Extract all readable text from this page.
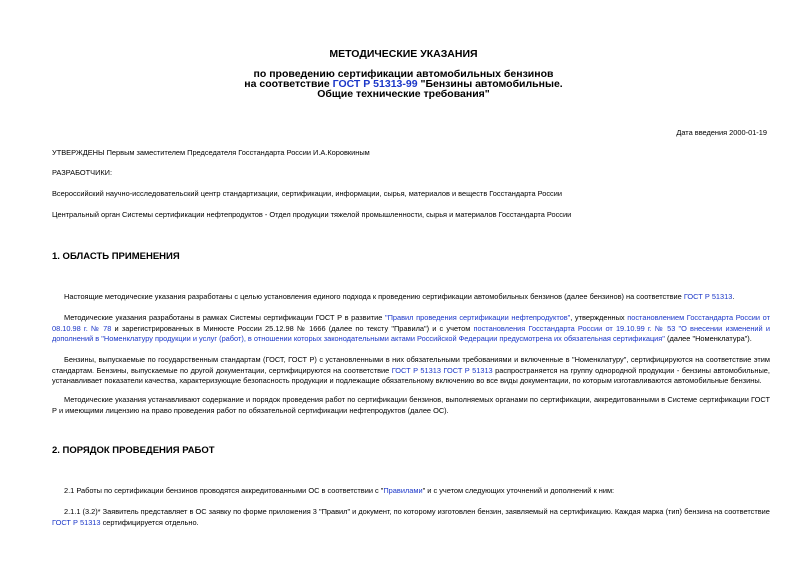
МЕТОДИЧЕСКИЕ УКАЗАНИЯ
по проведению сертификации автомобильных бензинов
на соответствие ГОСТ Р 51313-99 "Бензины автомобильные.
Общие технические требования"
Дата введения 2000-01-19
УТВЕРЖДЕНЫ Первым заместителем Председателя Госстандарта России И.А.Коровкиным
РАЗРАБОТЧИКИ:
Всероссийский научно-исследовательский центр стандартизации, сертификации, информации, сырья, материалов и веществ Госстандарта России
Центральный орган Системы сертификации нефтепродуктов - Отдел продукции тяжелой промышленности, сырья и материалов Госстандарта России
1. ОБЛАСТЬ ПРИМЕНЕНИЯ
Настоящие методические указания разработаны с целью установления единого подхода к проведению сертификации автомобильных бензинов (далее бензинов) на соответствие ГОСТ Р 51313.
Методические указания разработаны в рамках Системы сертификации ГОСТ Р в развитие "Правил проведения сертификации нефтепродуктов", утвержденных постановлением Госстандарта России от 08.10.98 г. № 78 и зарегистрированных в Минюсте России 25.12.98 № 1666 (далее по тексту "Правила") и с учетом постановления Госстандарта России от 19.10.99 г. № 53 "О внесении изменений и дополнений в "Номенклатуру продукции и услуг (работ), в отношении которых законодательными актами Российской Федерации предусмотрена их обязательная сертификация" (далее "Номенклатура").
Бензины, выпускаемые по государственным стандартам (ГОСТ, ГОСТ Р) с установленными в них обязательными требованиями и включенные в "Номенклатуру", сертифицируются на соответствие этим стандартам. Бензины, выпускаемые по другой документации, сертифицируются на соответствие ГОСТ Р 51313 ГОСТ Р 51313 распространяется на группу однородной продукции - бензины автомобильные, устанавливает показатели качества, характеризующие безопасность продукции и подлежащие обязательному включению во все виды документации, по которым изготавливаются автомобильные бензины.
Методические указания устанавливают содержание и порядок проведения работ по сертификации бензинов, выполняемых органами по сертификации, аккредитованными в Системе сертификации ГОСТ Р и имеющими лицензию на право проведения работ по обязательной сертификации нефтепродуктов (далее ОС).
2. ПОРЯДОК ПРОВЕДЕНИЯ РАБОТ
2.1 Работы по сертификации бензинов проводятся аккредитованными ОС в соответствии с "Правилами" и с учетом следующих уточнений и дополнений к ним:
2.1.1 (3.2)* Заявитель представляет в ОС заявку по форме приложения 3 "Правил" и документ, по которому изготовлен бензин, заявляемый на сертификацию. Каждая марка (тип) бензина на соответствие ГОСТ Р 51313 сертифицируется отдельно.
